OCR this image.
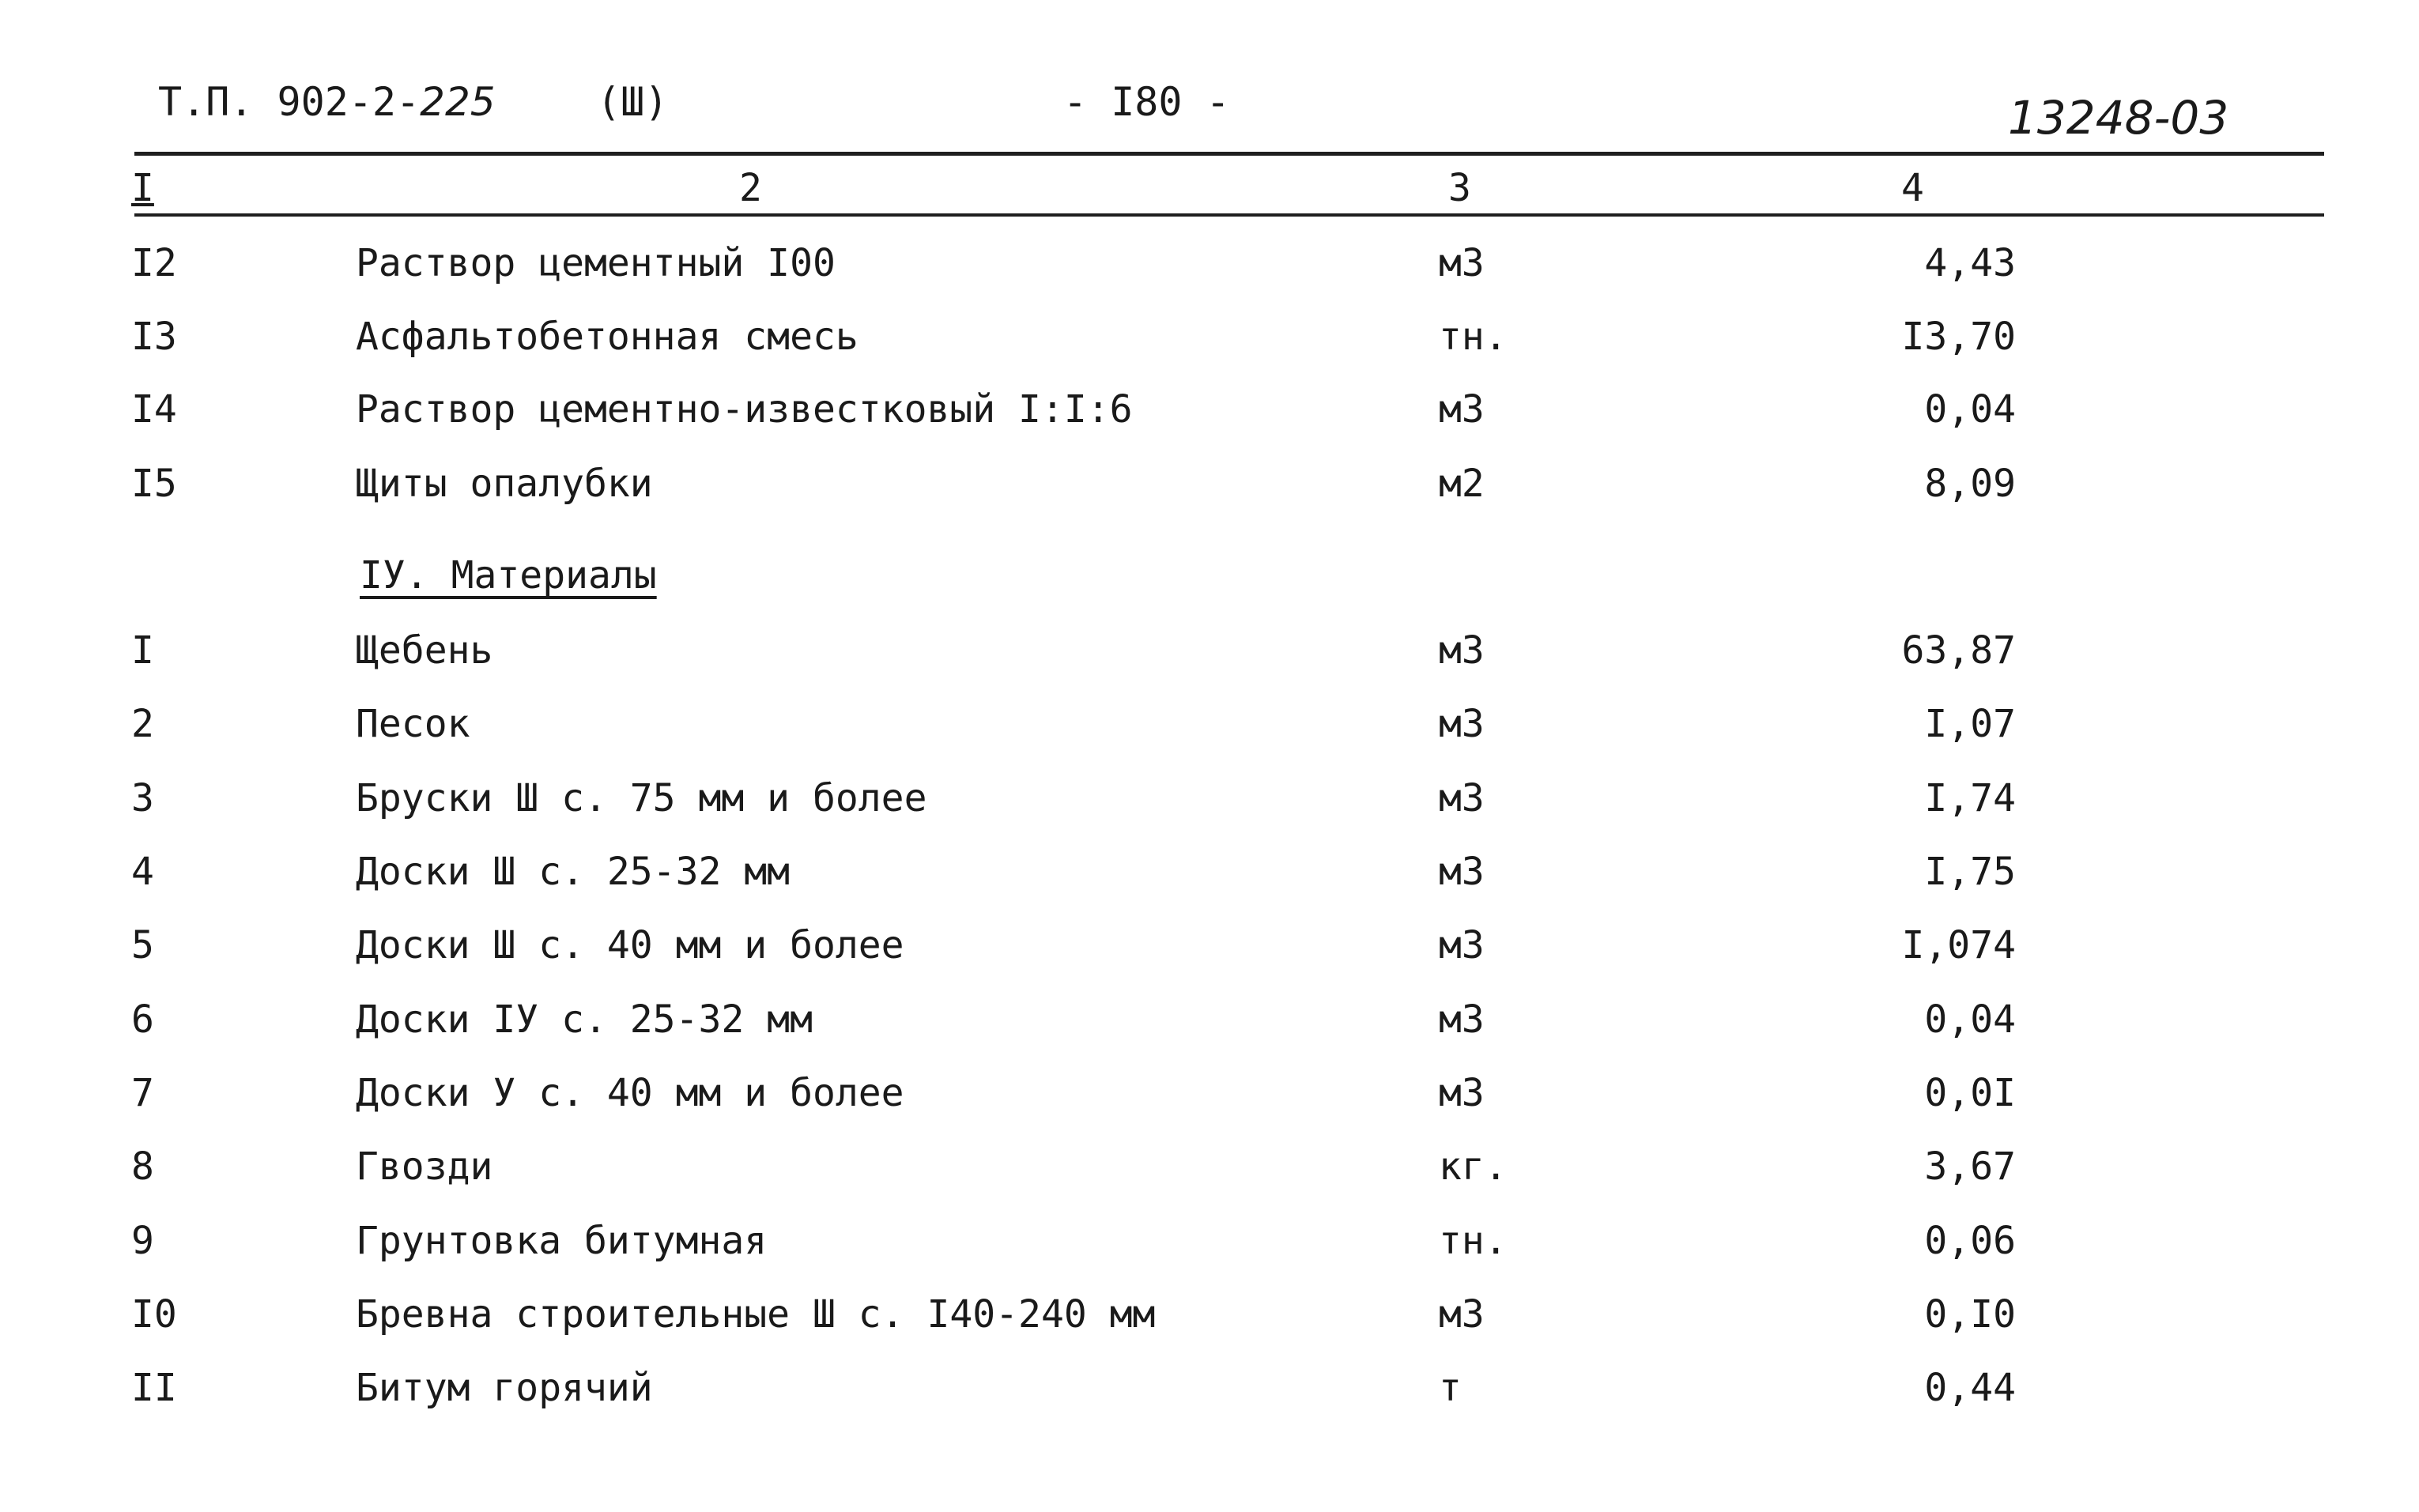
Т.П. 902-2-225	(Ш)	- I80 -	13248-03
I	2	3	4
I2	Раствор цементный I00	м3	4,43
I3	Асфальтобетонная смесь	тн.	I3,70
I4	Раствор цементно-известковый I:I:6	м3	0,04
I5	Щиты опалубки	м2	8,09
IУ. Материалы
I	Щебень	м3	63,87
2	Песок	м3	I,07
3	Бруски Ш с. 75 мм и более	м3	I,74
4	Доски Ш с. 25-32 мм	м3	I,75
5	Доски Ш с. 40 мм и более	м3	I,074
6	Доски IУ с. 25-32 мм	м3	0,04
7	Доски У с. 40 мм и более	м3	0,0I
8	Гвозди	кг.	3,67
9	Грунтовка битумная	тн.	0,06
I0	Бревна строительные Ш с. I40-240 мм	м3	0,I0
II	Битум горячий	т	0,44
